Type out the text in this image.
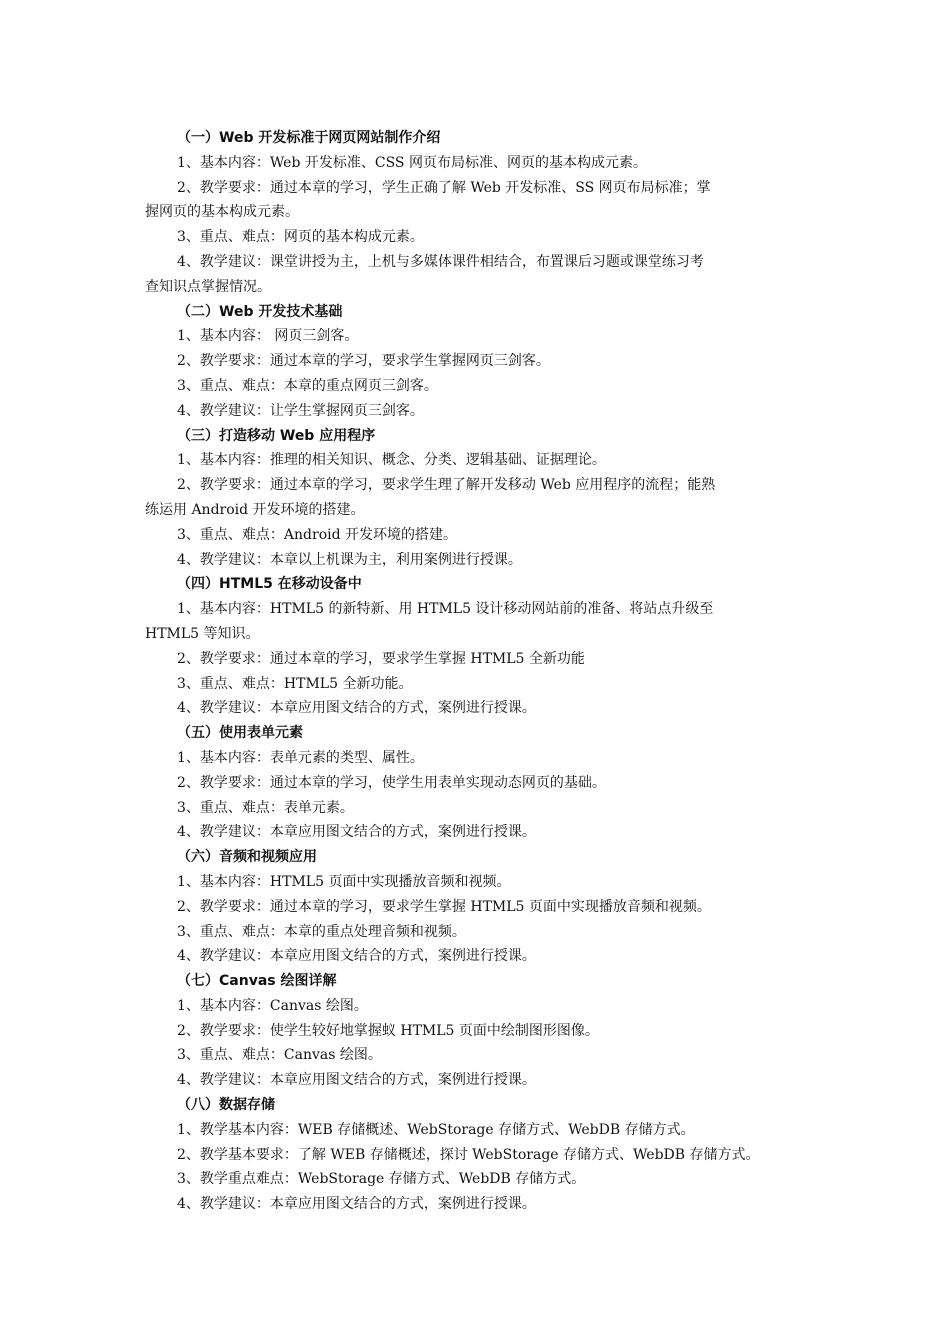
（一）Web 开发标准于网页网站制作介绍
1、基本内容：Web 开发标准、CSS 网页布局标准、网页的基本构成元素。
2、教学要求：通过本章的学习，学生正确了解 Web 开发标准、SS 网页布局标准；掌
握网页的基本构成元素。
3、重点、难点：网页的基本构成元素。
4、教学建议：课堂讲授为主，上机与多媒体课件相结合，布置课后习题或课堂练习考
查知识点掌握情况。
（二）Web 开发技术基础
1、基本内容： 网页三剑客。
2、教学要求：通过本章的学习，要求学生掌握网页三剑客。
3、重点、难点：本章的重点网页三剑客。
4、教学建议：让学生掌握网页三剑客。
（三）打造移动 Web 应用程序
1、基本内容：推理的相关知识、概念、分类、逻辑基础、证据理论。
2、教学要求：通过本章的学习，要求学生理了解开发移动 Web 应用程序的流程；能熟
练运用 Android 开发环境的搭建。
3、重点、难点：Android 开发环境的搭建。
4、教学建议：本章以上机课为主，利用案例进行授课。
（四）HTML5 在移动设备中
1、基本内容：HTML5 的新特新、用 HTML5 设计移动网站前的准备、将站点升级至
HTML5 等知识。
2、教学要求：通过本章的学习，要求学生掌握 HTML5 全新功能
3、重点、难点：HTML5 全新功能。
4、教学建议：本章应用图文结合的方式，案例进行授课。
（五）使用表单元素
1、基本内容：表单元素的类型、属性。
2、教学要求：通过本章的学习，使学生用表单实现动态网页的基础。
3、重点、难点：表单元素。
4、教学建议：本章应用图文结合的方式，案例进行授课。
（六）音频和视频应用
1、基本内容：HTML5 页面中实现播放音频和视频。
2、教学要求：通过本章的学习，要求学生掌握 HTML5 页面中实现播放音频和视频。
3、重点、难点：本章的重点处理音频和视频。
4、教学建议：本章应用图文结合的方式，案例进行授课。
（七）Canvas 绘图详解
1、基本内容：Canvas 绘图。
2、教学要求：使学生较好地掌握蚁 HTML5 页面中绘制图形图像。
3、重点、难点：Canvas 绘图。
4、教学建议：本章应用图文结合的方式，案例进行授课。
（八）数据存储
1、教学基本内容：WEB 存储概述、WebStorage 存储方式、WebDB 存储方式。
2、教学基本要求：了解 WEB 存储概述，探讨 WebStorage 存储方式、WebDB 存储方式。
3、教学重点难点：WebStorage 存储方式、WebDB 存储方式。
4、教学建议：本章应用图文结合的方式，案例进行授课。
